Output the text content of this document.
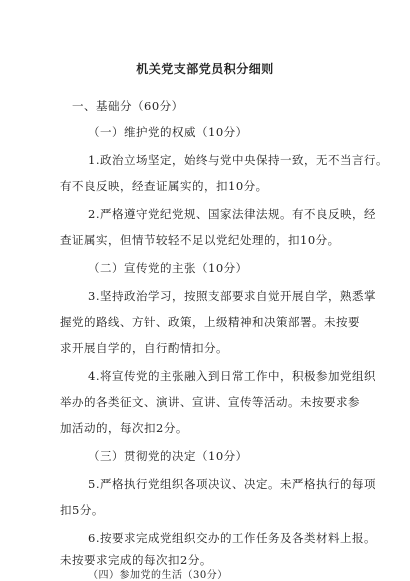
机关党支部党员积分细则
一、基础分（60分）
（一）维护党的权威（10分）
1.政治立场坚定，始终与党中央保持一致，无不当言行。
有不良反映，经查证属实的，扣10分。
2.严格遵守党纪党规、国家法律法规。有不良反映，经
查证属实，但情节较轻不足以党纪处理的，扣10分。
（二）宣传党的主张（10分）
3.坚持政治学习，按照支部要求自觉开展自学，熟悉掌
握党的路线、方针、政策，上级精神和决策部署。未按要
求开展自学的，自行酌情扣分。
4.将宣传党的主张融入到日常工作中，积极参加党组织
举办的各类征文、演讲、宣讲、宣传等活动。未按要求参
加活动的，每次扣2分。
（三）贯彻党的决定（10分）
5.严格执行党组织各项决议、决定。未严格执行的每项
扣5分。
6.按要求完成党组织交办的工作任务及各类材料上报。
未按要求完成的每次扣2分。
（四）参加党的生活（30分）
